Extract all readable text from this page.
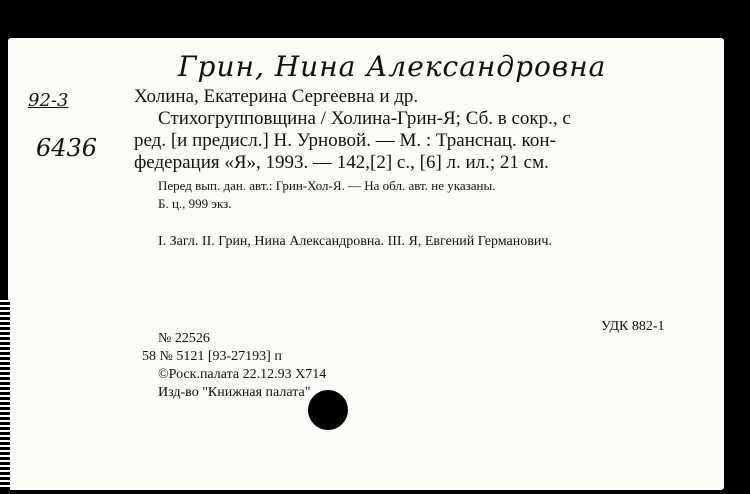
Грин, Нина Александровна
92-3
6436
Холина, Екатерина Сергеевна и др.
Стихогрупповщина / Холина-Грин-Я; Сб. в сокр., с
ред. [и предисл.] Н. Урновой. — М. : Транснац. кон-
федерация «Я», 1993. — 142,[2] с., [6] л. ил.; 21 см.
Перед вып. дан. авт.: Грин-Хол-Я. — На обл. авт. не указаны.
Б. ц., 999 экз.
I. Загл. II. Грин, Нина Александровна. III. Я, Евгений Германович.
УДК 882-1
№ 22526
58 № 5121 [93-27193] п
©Роск.палата 22.12.93 Х714
Изд-во "Книжная палата"
